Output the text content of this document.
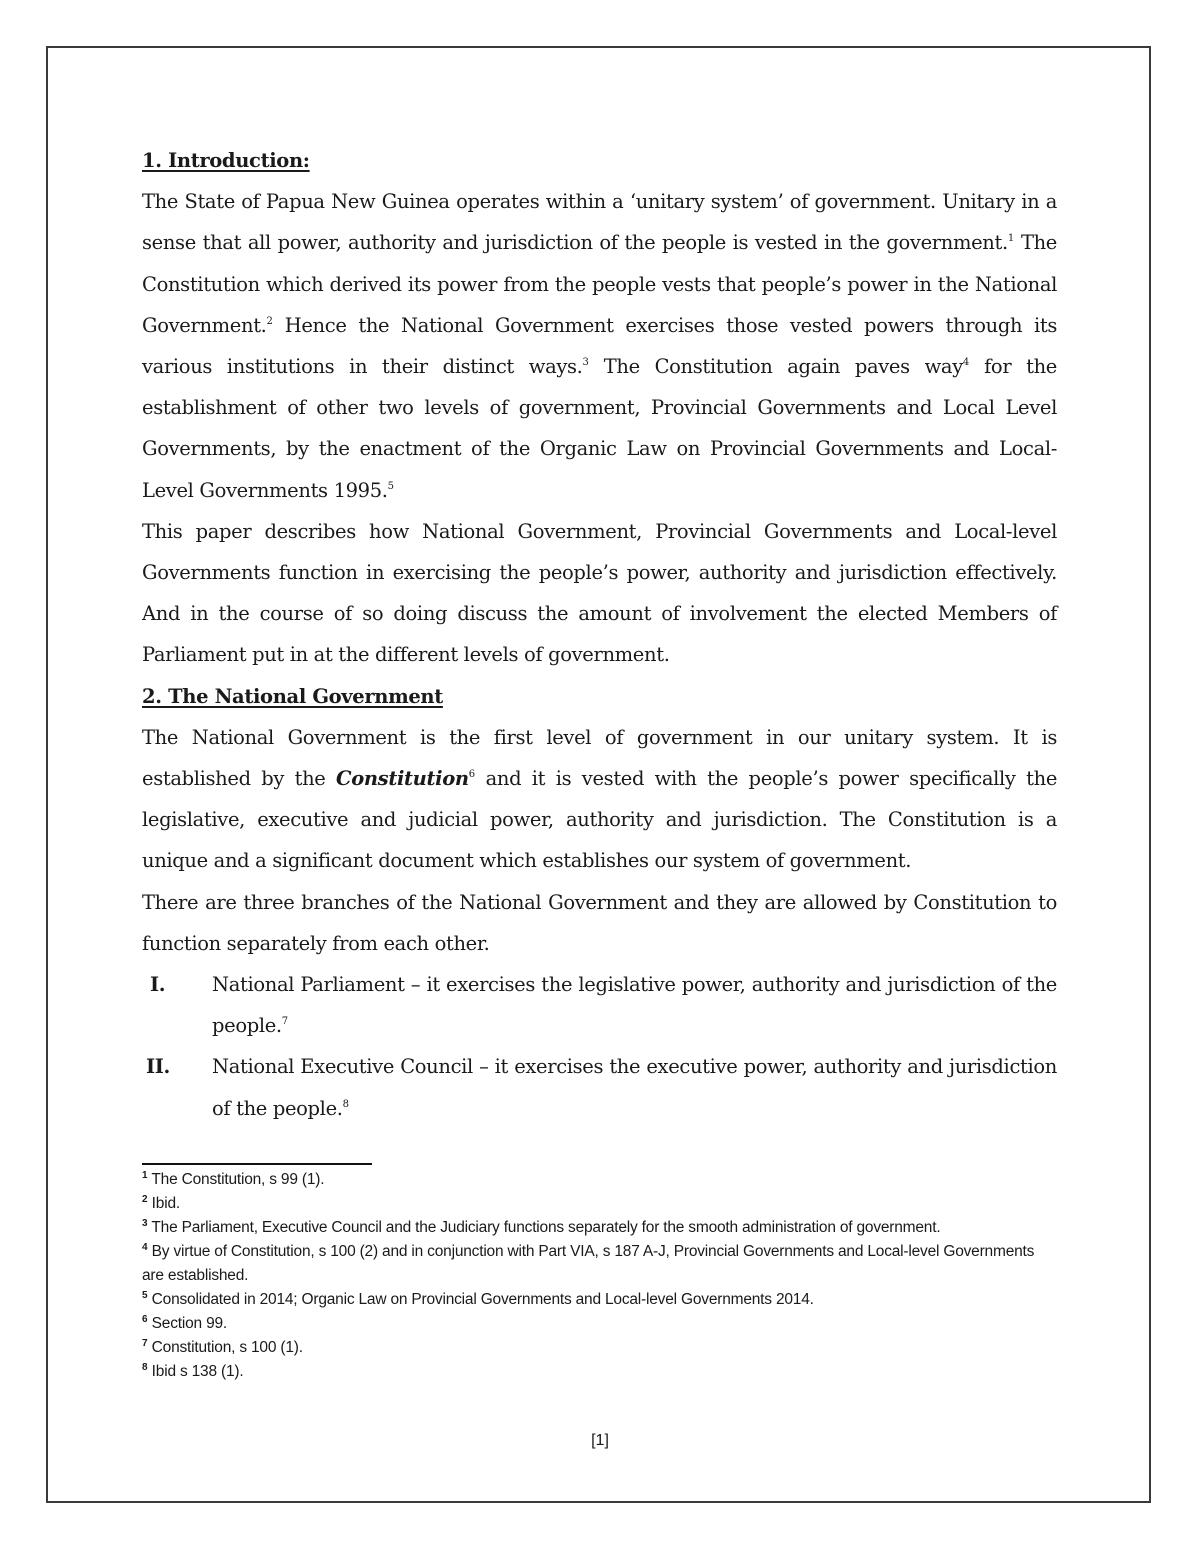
1. Introduction:

The State of Papua New Guinea operates within a ‘unitary system’ of government. Unitary in a sense that all power, authority and jurisdiction of the people is vested in the government.$^1$ The Constitution which derived its power from the people vests that people’s power in the National Government.$^2$ Hence the National Government exercises those vested powers through its various institutions in their distinct ways.$^3$ The Constitution again paves way$^4$ for the establishment of other two levels of government, Provincial Governments and Local Level Governments, by the enactment of the Organic Law on Provincial Governments and Local-Level Governments 1995.$^5$

This paper describes how National Government, Provincial Governments and Local-level Governments function in exercising the people’s power, authority and jurisdiction effectively. And in the course of so doing discuss the amount of involvement the elected Members of Parliament put in at the different levels of government.

2. The National Government

The National Government is the first level of government in our unitary system. It is established by the Constitution$^6$ and it is vested with the people’s power specifically the legislative, executive and judicial power, authority and jurisdiction. The Constitution is a unique and a significant document which establishes our system of government.

There are three branches of the National Government and they are allowed by Constitution to function separately from each other.

I.	National Parliament – it exercises the legislative power, authority and jurisdiction of the people.$^7$
II.	National Executive Council – it exercises the executive power, authority and jurisdiction of the people.$^8$

$^1$ The Constitution, s 99 (1).

$^2$ Ibid.

$^3$ The Parliament, Executive Council and the Judiciary functions separately for the smooth administration of government.

$^4$ By virtue of Constitution, s 100 (2) and in conjunction with Part VIA, s 187 A-J, Provincial Governments and Local-level Governments are established.

$^5$ Consolidated in 2014; Organic Law on Provincial Governments and Local-level Governments 2014.

$^6$ Section 99.

$^7$ Constitution, s 100 (1).

$^8$ Ibid s 138 (1).

[1]
